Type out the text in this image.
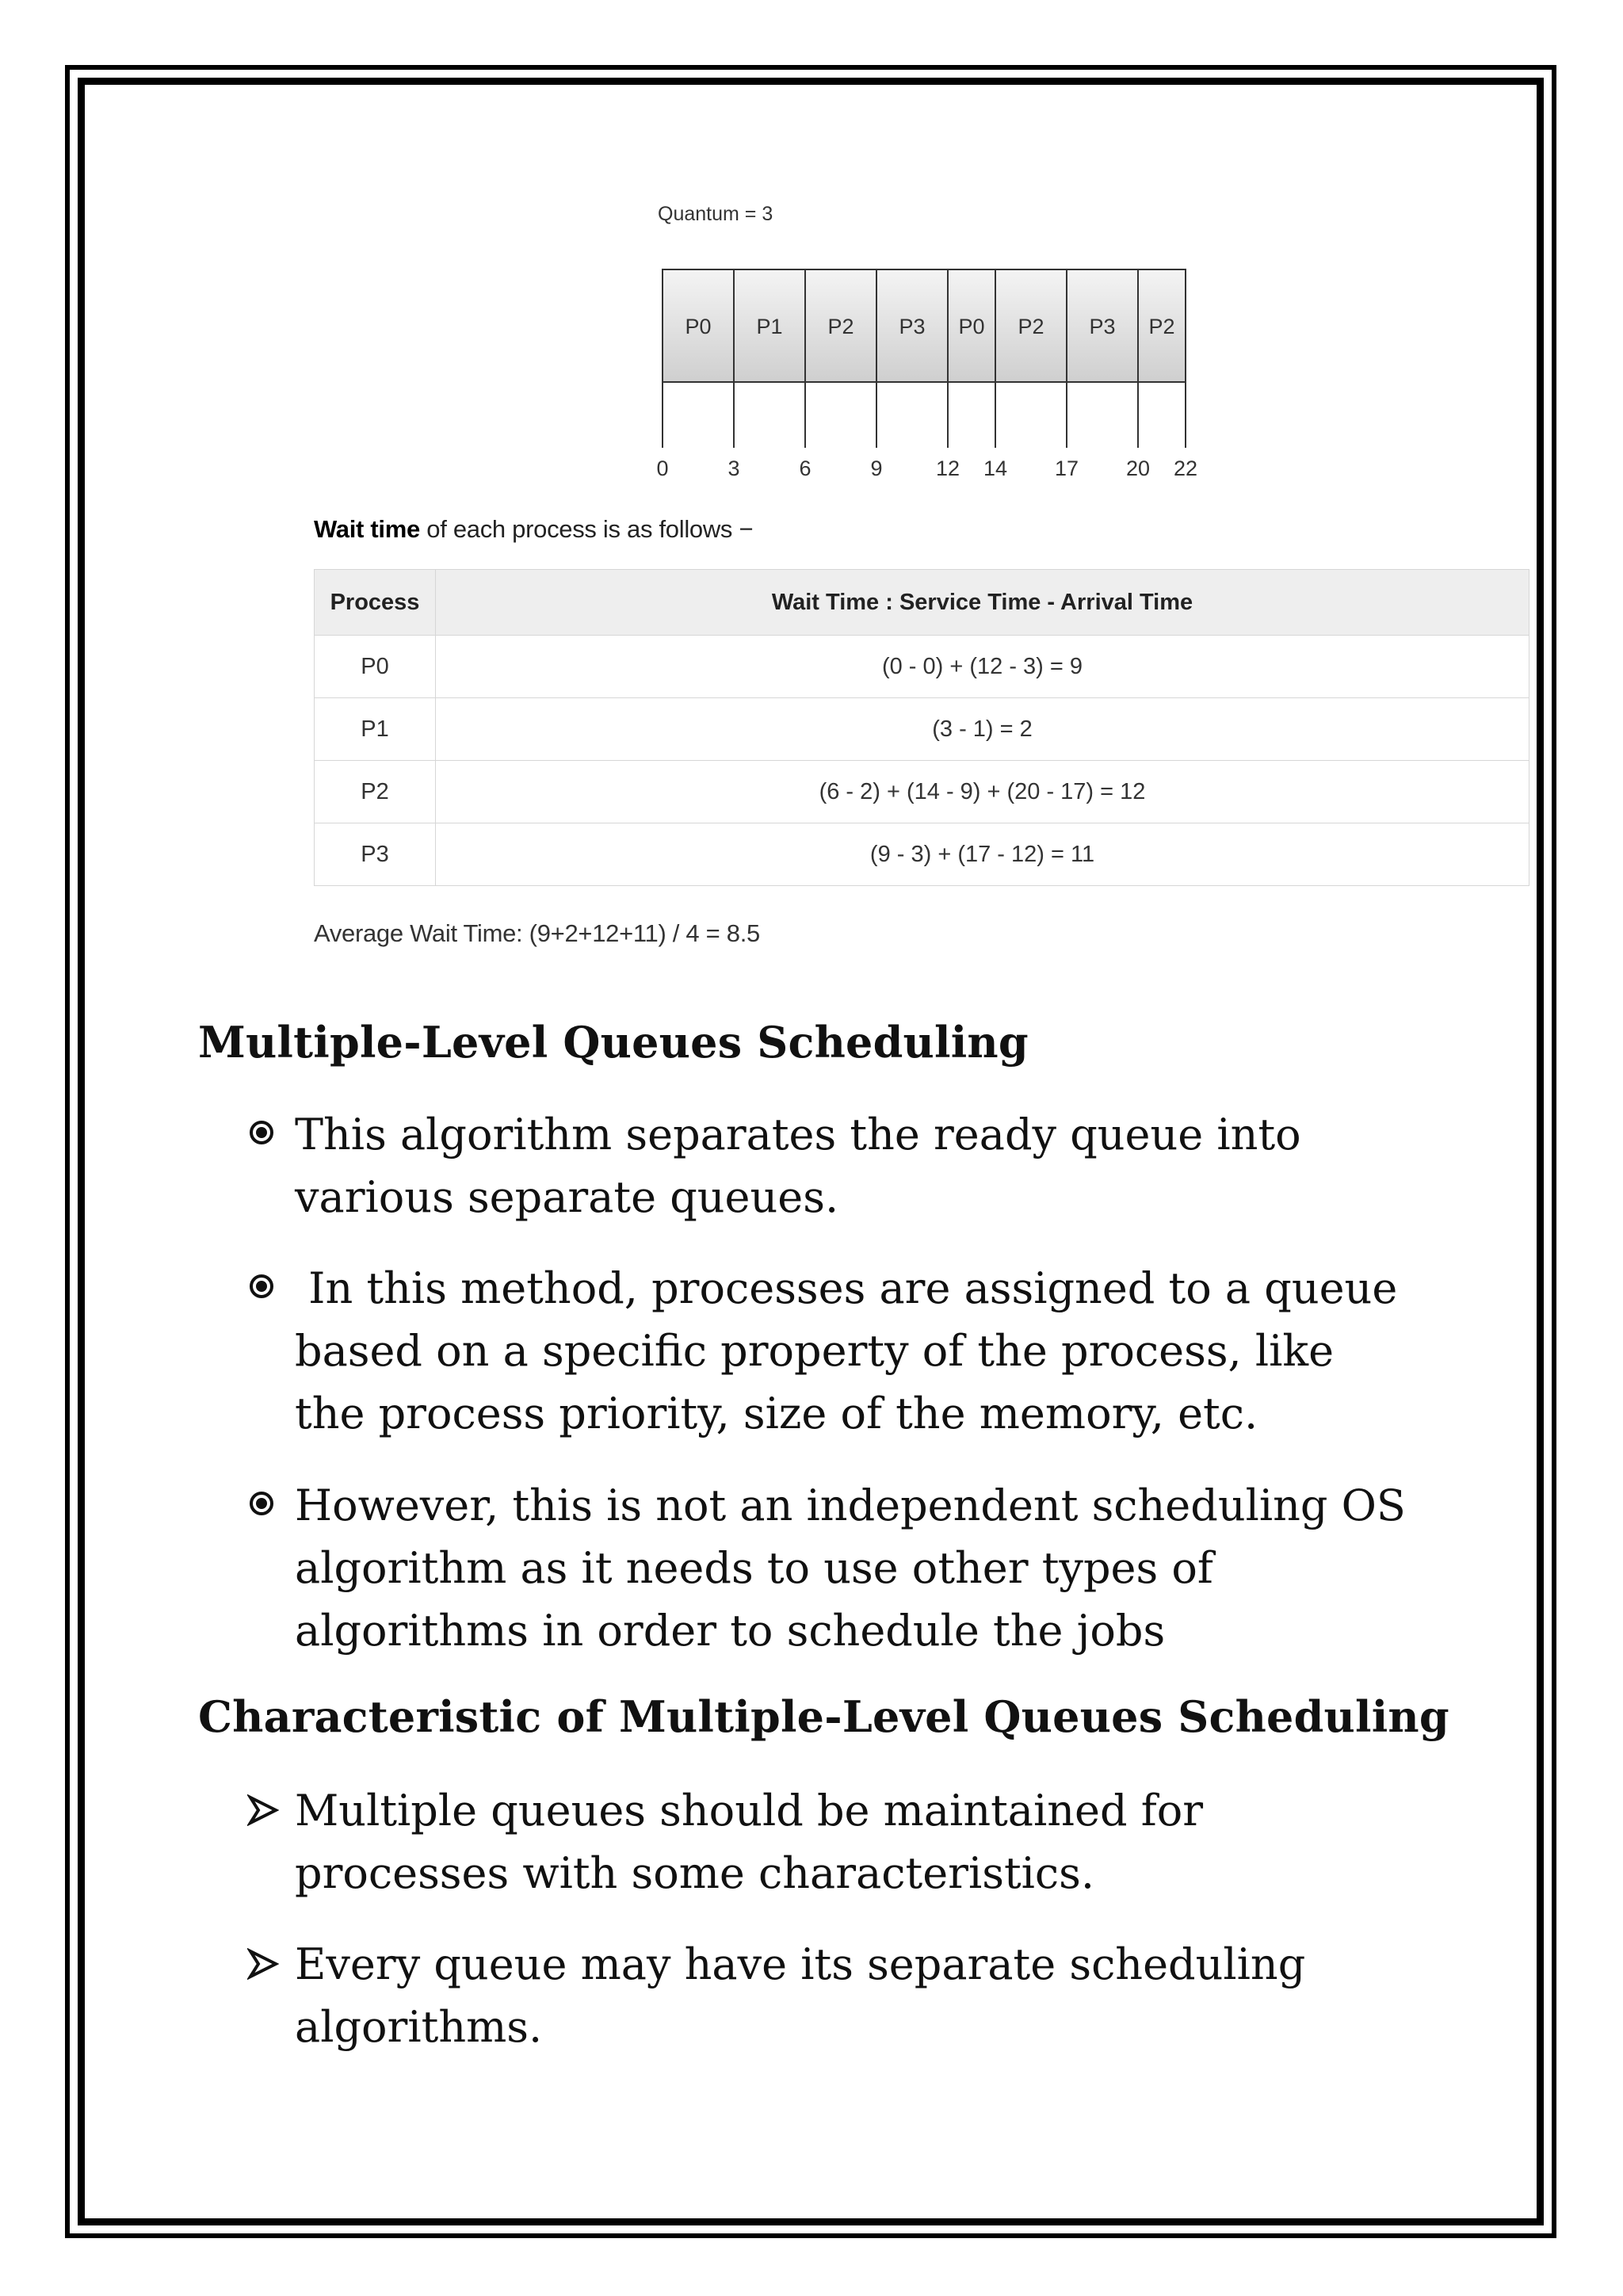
Quantum = 3
P0 P1 P2 P3 P0 P2 P3 P2
0	3	6	9 12 14 17 20 22
Wait time of each process is as follows −
Process	Wait Time : Service Time - Arrival Time
P0	(0 - 0) + (12 - 3) = 9
P1	(3 - 1) = 2
P2	(6 - 2) + (14 - 9) + (20 - 17) = 12
P3	(9 - 3) + (17 - 12) = 11
Average Wait Time: (9+2+12+11) / 4 = 8.5
Multiple-Level Queues Scheduling

This algorithm separates the ready queue into
various separate queues.

In this method, processes are assigned to a queue
based on a specific property of the process, like
the process priority, size of the memory, etc.

However, this is not an independent scheduling OS
algorithm as it needs to use other types of
algorithms in order to schedule the jobs

Characteristic of Multiple-Level Queues Scheduling

Multiple queues should be maintained for
processes with some characteristics.

Every queue may have its separate scheduling
algorithms.
